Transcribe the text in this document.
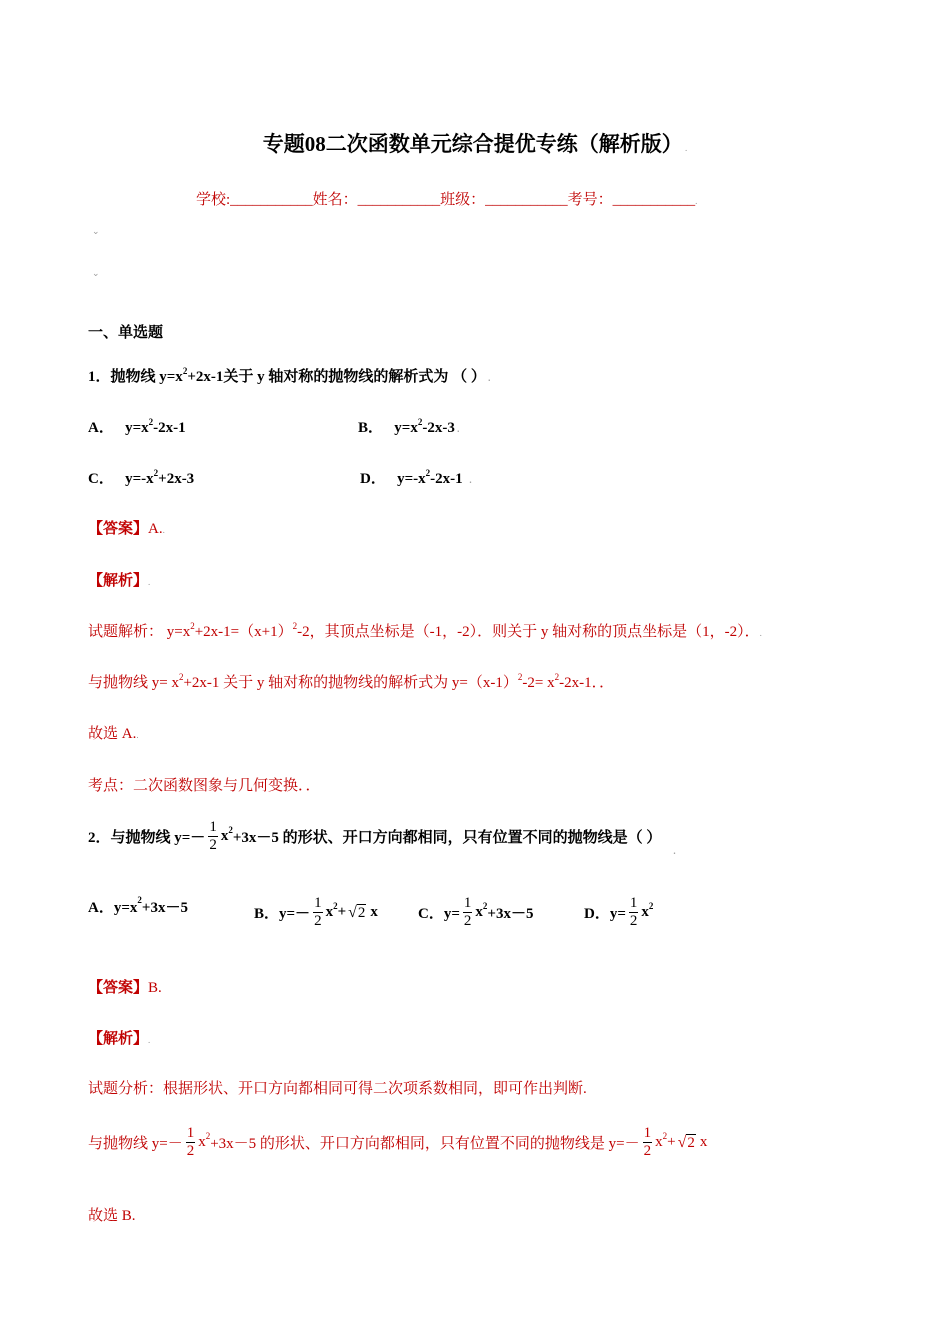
专题08二次函数单元综合提优专练（解析版） .
学校:___________姓名：___________班级：___________考号：___________.
⌄
⌄
一、单选题
1．抛物线 $y=x^2+2x-1$关于 y 轴对称的抛物线的解析式为 （ ） .
A． $y=x^2-2x-1$	B． $y=x^2-2x-3$ .
C． $y=-x^2+2x-3$	D． $y=-x^2-2x-1$   .
【答案】A..
【解析】.
试题解析： $y=x^2+2x-1=(x+1)^2-2$，其顶点坐标是（-1，-2）．则关于 y 轴对称的顶点坐标是（1，-2）．.
与抛物线 $y= x^2+2x-1$ 关于 y 轴对称的抛物线的解析式为 $y=(x-1)^2-2= x^2-2x-1$．．
故选 A..
考点：二次函数图象与几何变换．．
2．与抛物线 $y=- \frac{1}{2}$ x 2
+3x－5 的形状、开口方向都相同，只有位置不同的抛物线是（ ）
.
A．y=x
2
+3x－5	B．$y=- \frac{1}{2}$ x 2 + √2 x	C．$y= \frac{1}{2}$ x 2
+3x－5	D．$y= \frac{1}{2}$ x 2
【答案】B.
【解析】.
试题分析：根据形状、开口方向都相同可得二次项系数相同，即可作出判断.
与抛物线 $y=- \frac{1}{2}$ x 2
+3x－5 的形状、开口方向都相同，只有位置不同的抛物线是 $y=- \frac{1}{2}$ x 2 + √2 x
故选 B.
